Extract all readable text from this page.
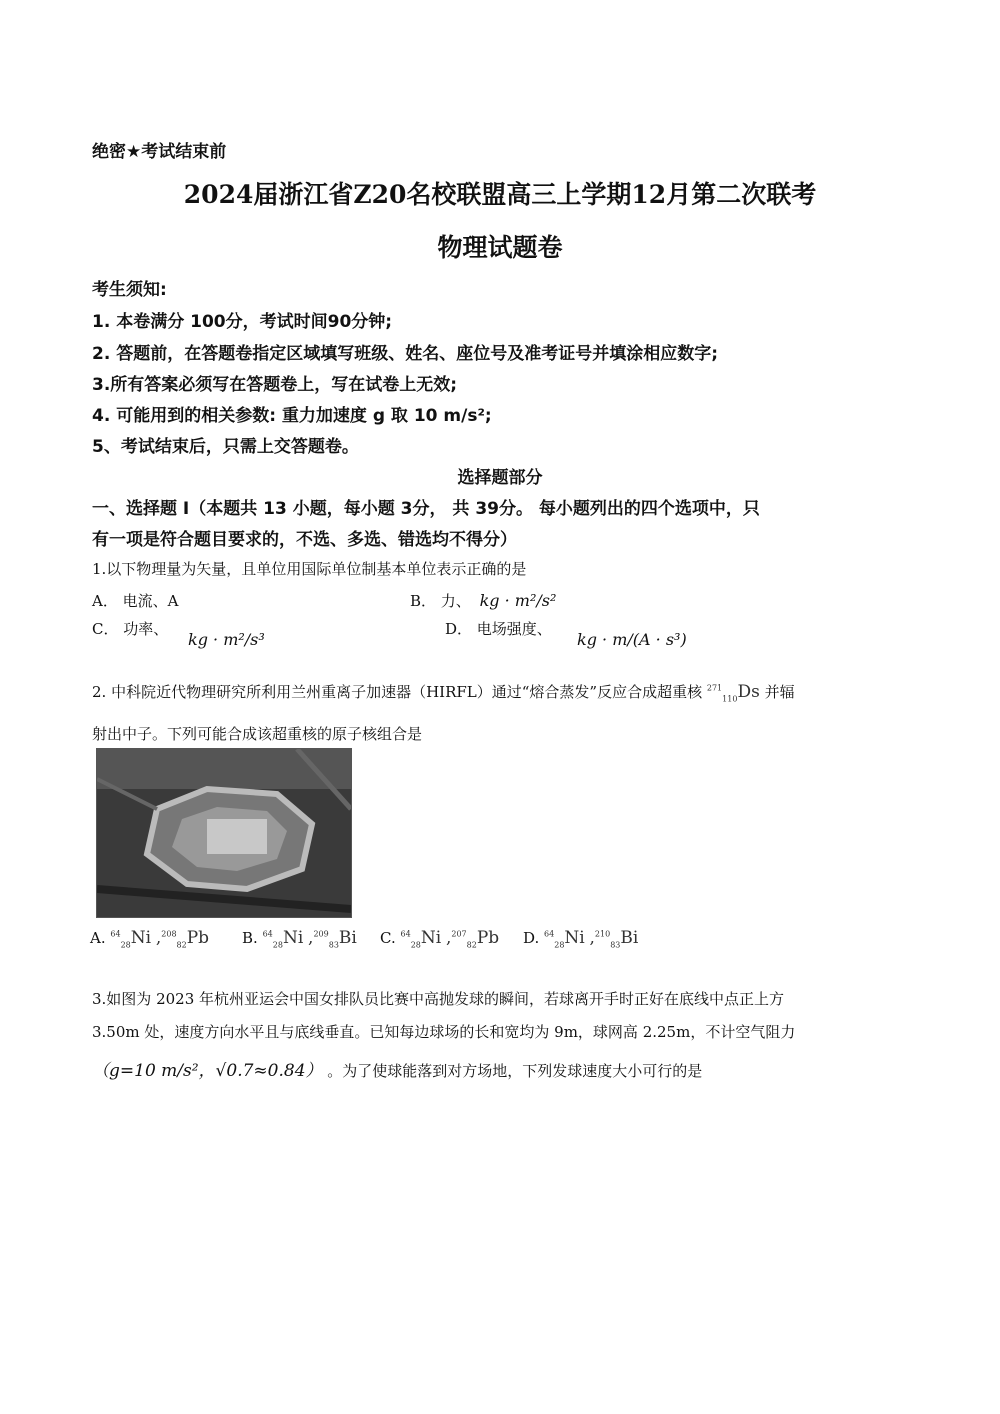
绝密★考试结束前
2024届浙江省Z20名校联盟高三上学期12月第二次联考
物理试题卷
考生须知:
1. 本卷满分 100分，考试时间90分钟;
2. 答题前，在答题卷指定区域填写班级、姓名、座位号及准考证号并填涂相应数字;
3.所有答案必须写在答题卷上，写在试卷上无效;
4. 可能用到的相关参数: 重力加速度 g 取 10 m/s²;
5、考试结束后，只需上交答题卷。
选择题部分
一、选择题 I（本题共 13 小题，每小题 3分， 共 39分。 每小题列出的四个选项中，只
有一项是符合题目要求的，不选、多选、错选均不得分）
1.以下物理量为矢量，且单位用国际单位制基本单位表示正确的是
A． 电流、A	B． 力、 kg · m²/s²
C． 功率、
kg · m²/s³
D． 电场强度、
kg · m/(A · s³)
2. 中科院近代物理研究所利用兰州重离子加速器（HIRFL）通过“熔合蒸发”反应合成超重核 $^{271}_{110}$Ds 并辐
射出中子。下列可能合成该超重核的原子核组合是
A. $^{64}_{28}$Ni ,$^{208}_{82}$Pb B. $^{64}_{28}$Ni ,$^{209}_{83}$Bi C. $^{64}_{28}$Ni ,$^{207}_{82}$Pb D. $^{64}_{28}$Ni ,$^{210}_{83}$Bi
3.如图为 2023 年杭州亚运会中国女排队员比赛中高抛发球的瞬间，若球离开手时正好在底线中点正上方
3.50m 处，速度方向水平且与底线垂直。已知每边球场的长和宽均为 9m，球网高 2.25m，不计空气阻力
（g=10 m/s²，√0.7≈0.84） 。为了使球能落到对方场地，下列发球速度大小可行的是
